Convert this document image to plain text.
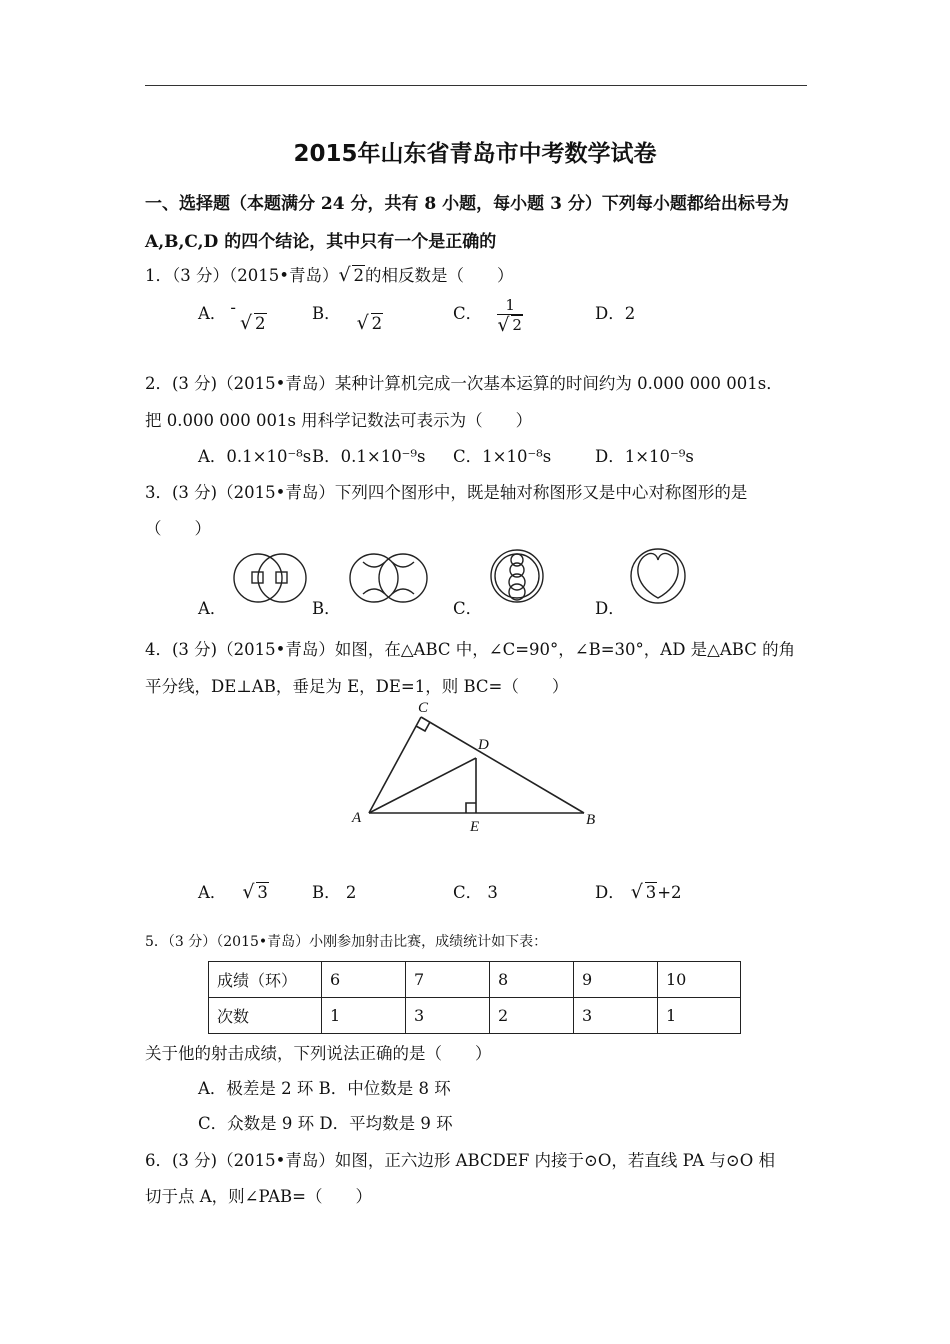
2015年山东省青岛市中考数学试卷
一、选择题（本题满分 24 分，共有 8 小题，每小题 3 分）下列每小题都给出标号为
A,B,C,D 的四个结论，其中只有一个是正确的
1．（3 分）（2015•青岛） √ 2的相反数是（　　）
A． -√ 2
B．√ 2
C． 1
√ 2	D．2
2．(3 分)（2015•青岛）某种计算机完成一次基本运算的时间约为 0.000 000 001s．
把 0.000 000 001s 用科学记数法可表示为（　　）
A．0.1×10⁻⁸s B．0.1×10⁻⁹s C．1×10⁻⁸s	D．1×10⁻⁹s
3．(3 分)（2015•青岛）下列四个图形中，既是轴对称图形又是中心对称图形的是
（　　）
A．	B．	C．	D．
4．(3 分)（2015•青岛）如图，在△ABC 中，∠C=90°，∠B=30°，AD 是△ABC 的角
平分线，DE⊥AB，垂足为 E，DE=1，则 BC=（　　）
A	B
C
D
E
A． √ 3	B． 2	C． 3	D． √ 3+2
5．（3 分）（2015•青岛）小刚参加射击比赛，成绩统计如下表：
成绩（环）	6	7	8	9	10
次数	1	3	2	3	1
关于他的射击成绩，下列说法正确的是（　　）
A．极差是 2 环 B．中位数是 8 环
C．众数是 9 环 D．平均数是 9 环
6．(3 分)（2015•青岛）如图，正六边形 ABCDEF 内接于⊙O，若直线 PA 与⊙O 相
切于点 A，则∠PAB=（　　）
